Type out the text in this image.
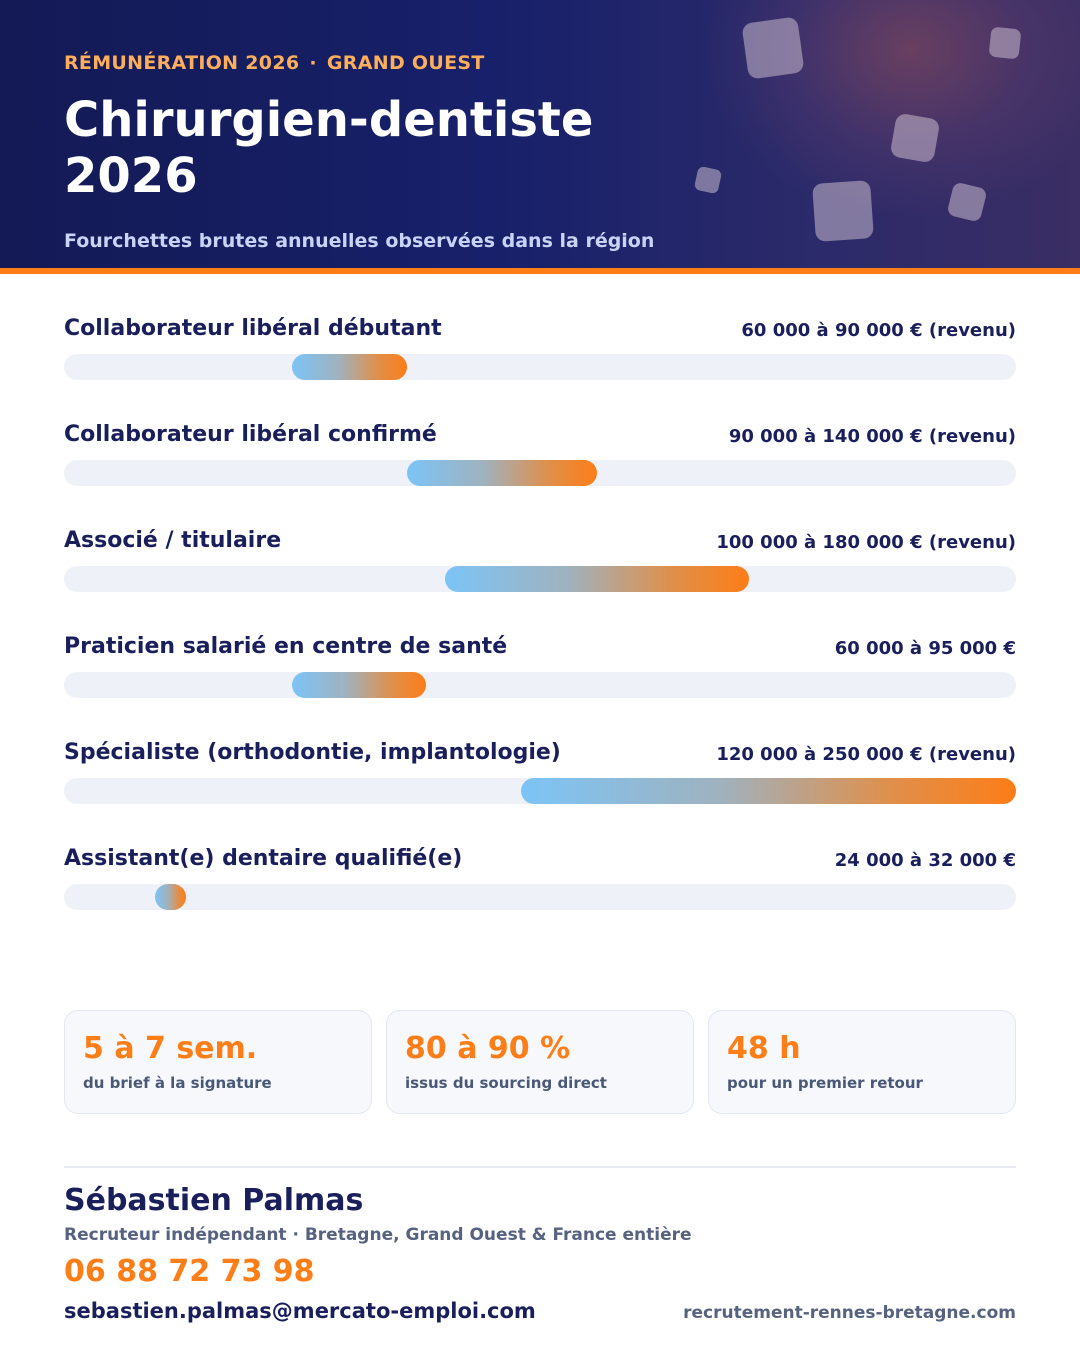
RÉMUNÉRATION 2026 · GRAND OUEST
Chirurgien-dentiste
2026
Fourchettes brutes annuelles observées dans la région
Collaborateur libéral débutant	60 000 à 90 000 € (revenu)
Collaborateur libéral confirmé	90 000 à 140 000 € (revenu)
Associé / titulaire	100 000 à 180 000 € (revenu)
Praticien salarié en centre de santé	60 000 à 95 000 €
Spécialiste (orthodontie, implantologie)	120 000 à 250 000 € (revenu)
Assistant(e) dentaire qualifié(e)	24 000 à 32 000 €
5 à 7 sem.
du brief à la signature
80 à 90 %
issus du sourcing direct
48 h
pour un premier retour
Sébastien Palmas
Recruteur indépendant · Bretagne, Grand Ouest & France entière
06 88 72 73 98
sebastien.palmas@mercato-emploi.com	recrutement-rennes-bretagne.com
